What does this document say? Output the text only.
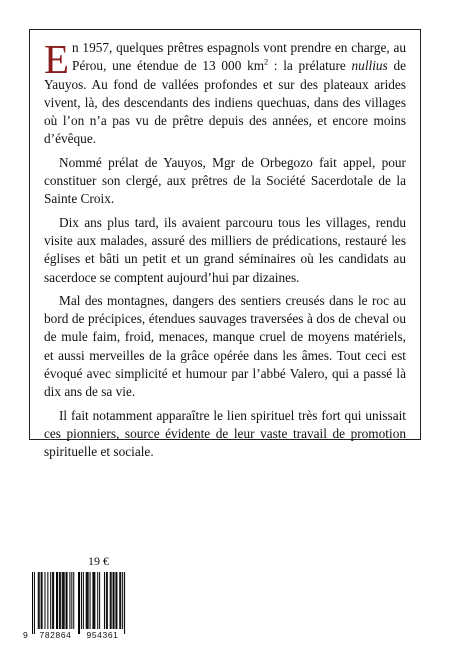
En 1957, quelques prêtres espagnols vont prendre en charge, au Pérou, une étendue de 13 000 $km^2$ : la prélature nullius de Yauyos. Au fond de vallées profondes et sur des plateaux arides vivent, là, des descendants des indiens quechuas, dans des villages où l’on n’a pas vu de prêtre depuis des années, et encore moins d’évêque.

Nommé prélat de Yauyos, Mgr de Orbegozo fait appel, pour constituer son clergé, aux prêtres de la Société Sacerdotale de la Sainte Croix.

Dix ans plus tard, ils avaient parcouru tous les villages, rendu visite aux malades, assuré des milliers de prédications, restauré les églises et bâti un petit et un grand séminaires où les candidats au sacerdoce se comptent aujourd’hui par dizaines.

Mal des montagnes, dangers des sentiers creusés dans le roc au bord de précipices, étendues sauvages traversées à dos de cheval ou de mule faim, froid, menaces, manque cruel de moyens matériels, et aussi merveilles de la grâce opérée dans les âmes. Tout ceci est évoqué avec simplicité et humour par l’abbé Valero, qui a passé là dix ans de sa vie.

Il fait notamment apparaître le lien spirituel très fort qui unissait ces pionniers, source évidente de leur vaste travail de promotion spirituelle et sociale.

19 €
9	782864	954361
